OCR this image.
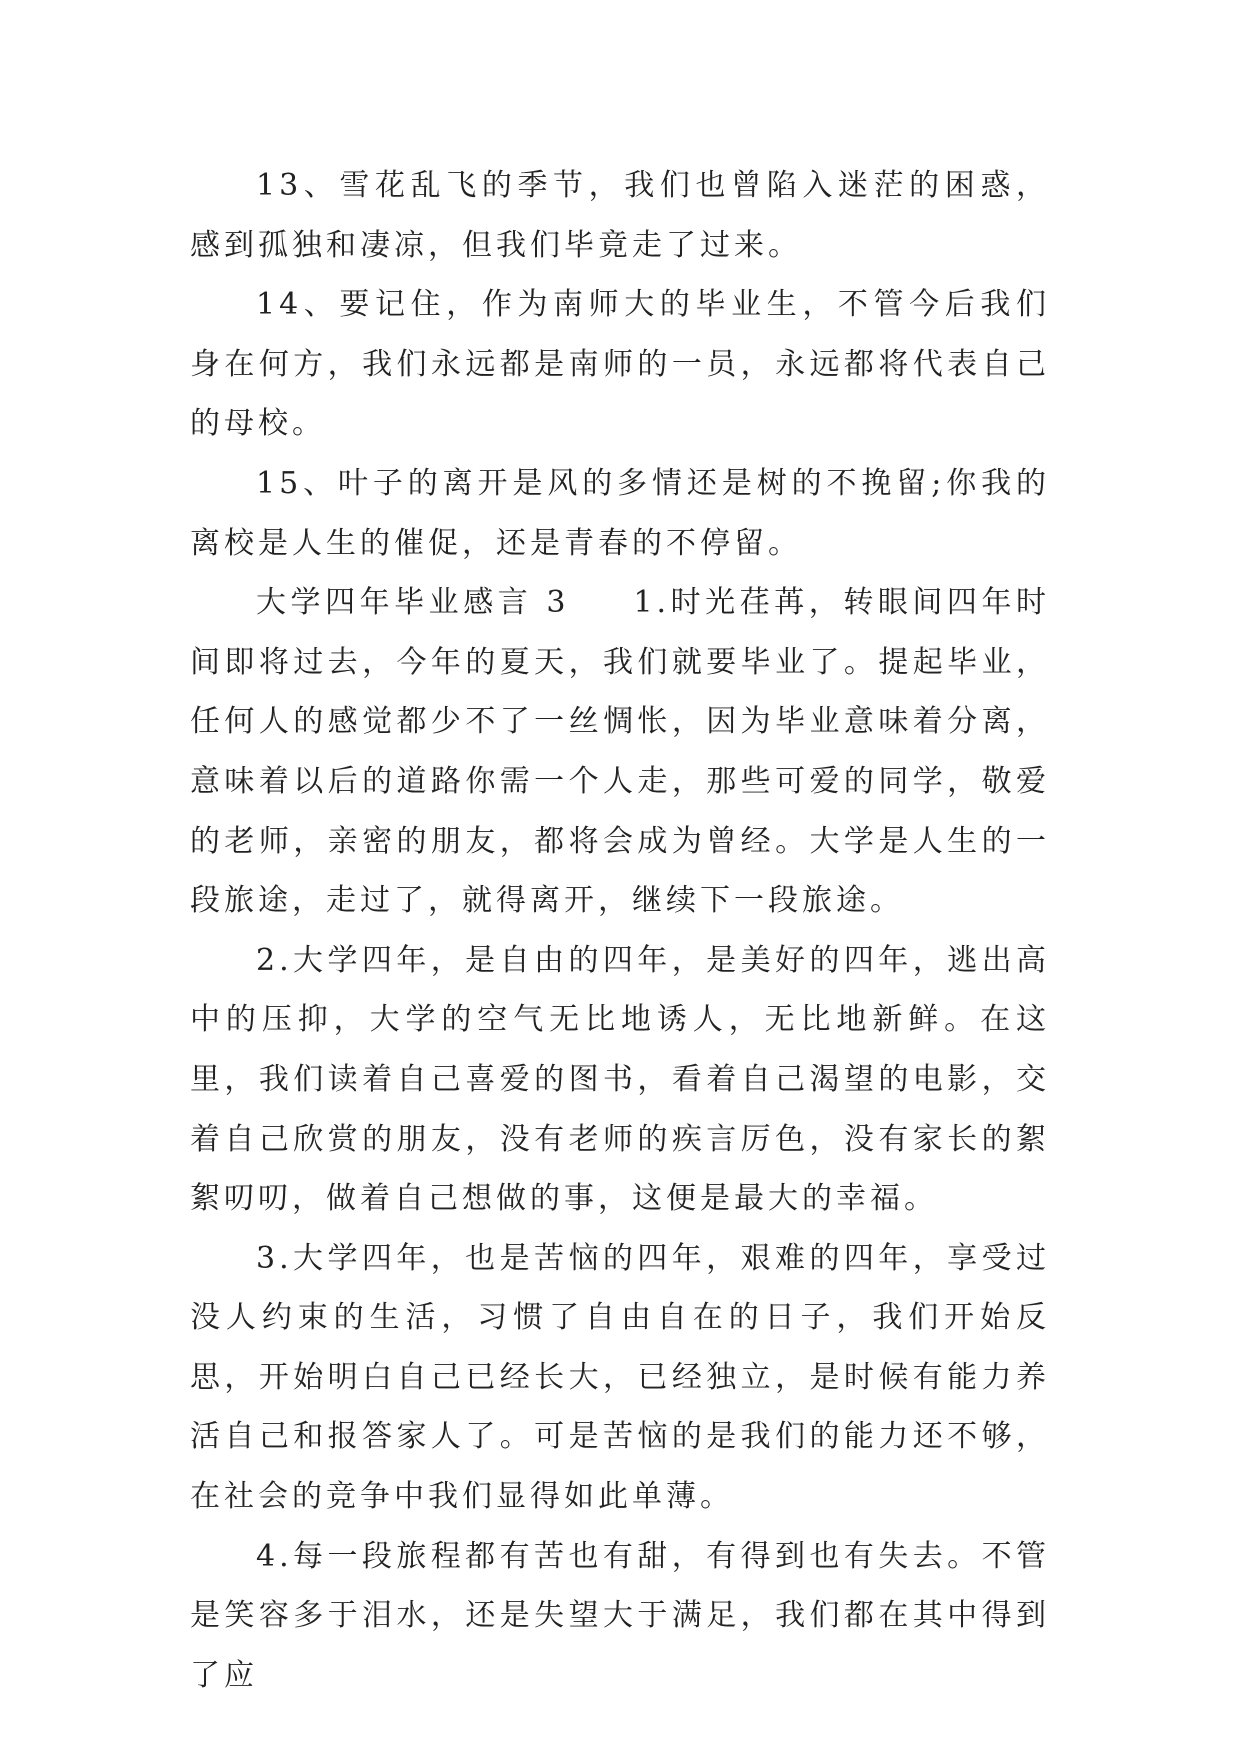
13、雪花乱飞的季节，我们也曾陷入迷茫的困惑，感到孤独和凄凉，但我们毕竟走了过来。

14、要记住，作为南师大的毕业生，不管今后我们身在何方，我们永远都是南师的一员，永远都将代表自己的母校。

15、叶子的离开是风的多情还是树的不挽留;你我的离校是人生的催促，还是青春的不停留。

大学四年毕业感言 3 1.时光荏苒，转眼间四年时间即将过去，今年的夏天，我们就要毕业了。提起毕业，任何人的感觉都少不了一丝惆怅，因为毕业意味着分离，意味着以后的道路你需一个人走，那些可爱的同学，敬爱的老师，亲密的朋友，都将会成为曾经。大学是人生的一段旅途，走过了，就得离开，继续下一段旅途。

2.大学四年，是自由的四年，是美好的四年，逃出高中的压抑，大学的空气无比地诱人，无比地新鲜。在这里，我们读着自己喜爱的图书，看着自己渴望的电影，交着自己欣赏的朋友，没有老师的疾言厉色，没有家长的絮絮叨叨，做着自己想做的事，这便是最大的幸福。

3.大学四年，也是苦恼的四年，艰难的四年，享受过没人约束的生活，习惯了自由自在的日子，我们开始反思，开始明白自己已经长大，已经独立，是时候有能力养活自己和报答家人了。可是苦恼的是我们的能力还不够，在社会的竞争中我们显得如此单薄。

4.每一段旅程都有苦也有甜，有得到也有失去。不管是笑容多于泪水，还是失望大于满足，我们都在其中得到了应
